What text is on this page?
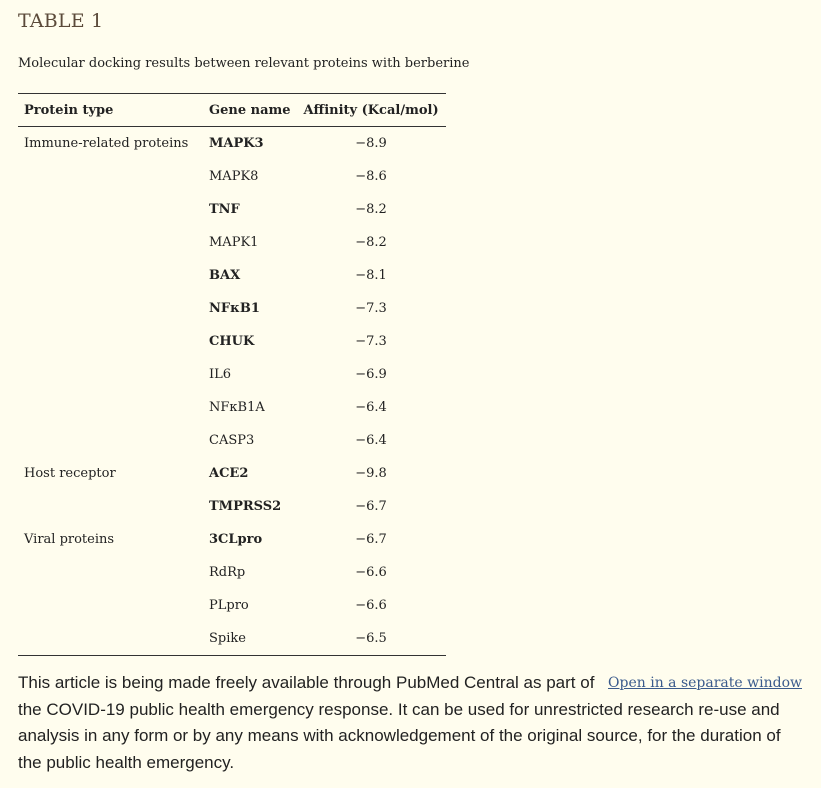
TABLE 1
Molecular docking results between relevant proteins with berberine
Protein type	Gene name	Affinity (Kcal/mol)
Immune-related proteins	MAPK3	−8.9
	MAPK8	−8.6
	TNF	−8.2
	MAPK1	−8.2
	BAX	−8.1
	NFκB1	−7.3
	CHUK	−7.3
	IL6	−6.9
	NFκB1A	−6.4
	CASP3	−6.4
Host receptor	ACE2	−9.8
	TMPRSS2	−6.7
Viral proteins	3CLpro	−6.7
	RdRp	−6.6
	PLpro	−6.6
	Spike	−6.5
Open in a separate window
This article is being made freely available through PubMed Central as part of the COVID-19 public health emergency response. It can be used for unrestricted research re-use and analysis in any form or by any means with acknowledgement of the original source, for the duration of the public health emergency.
